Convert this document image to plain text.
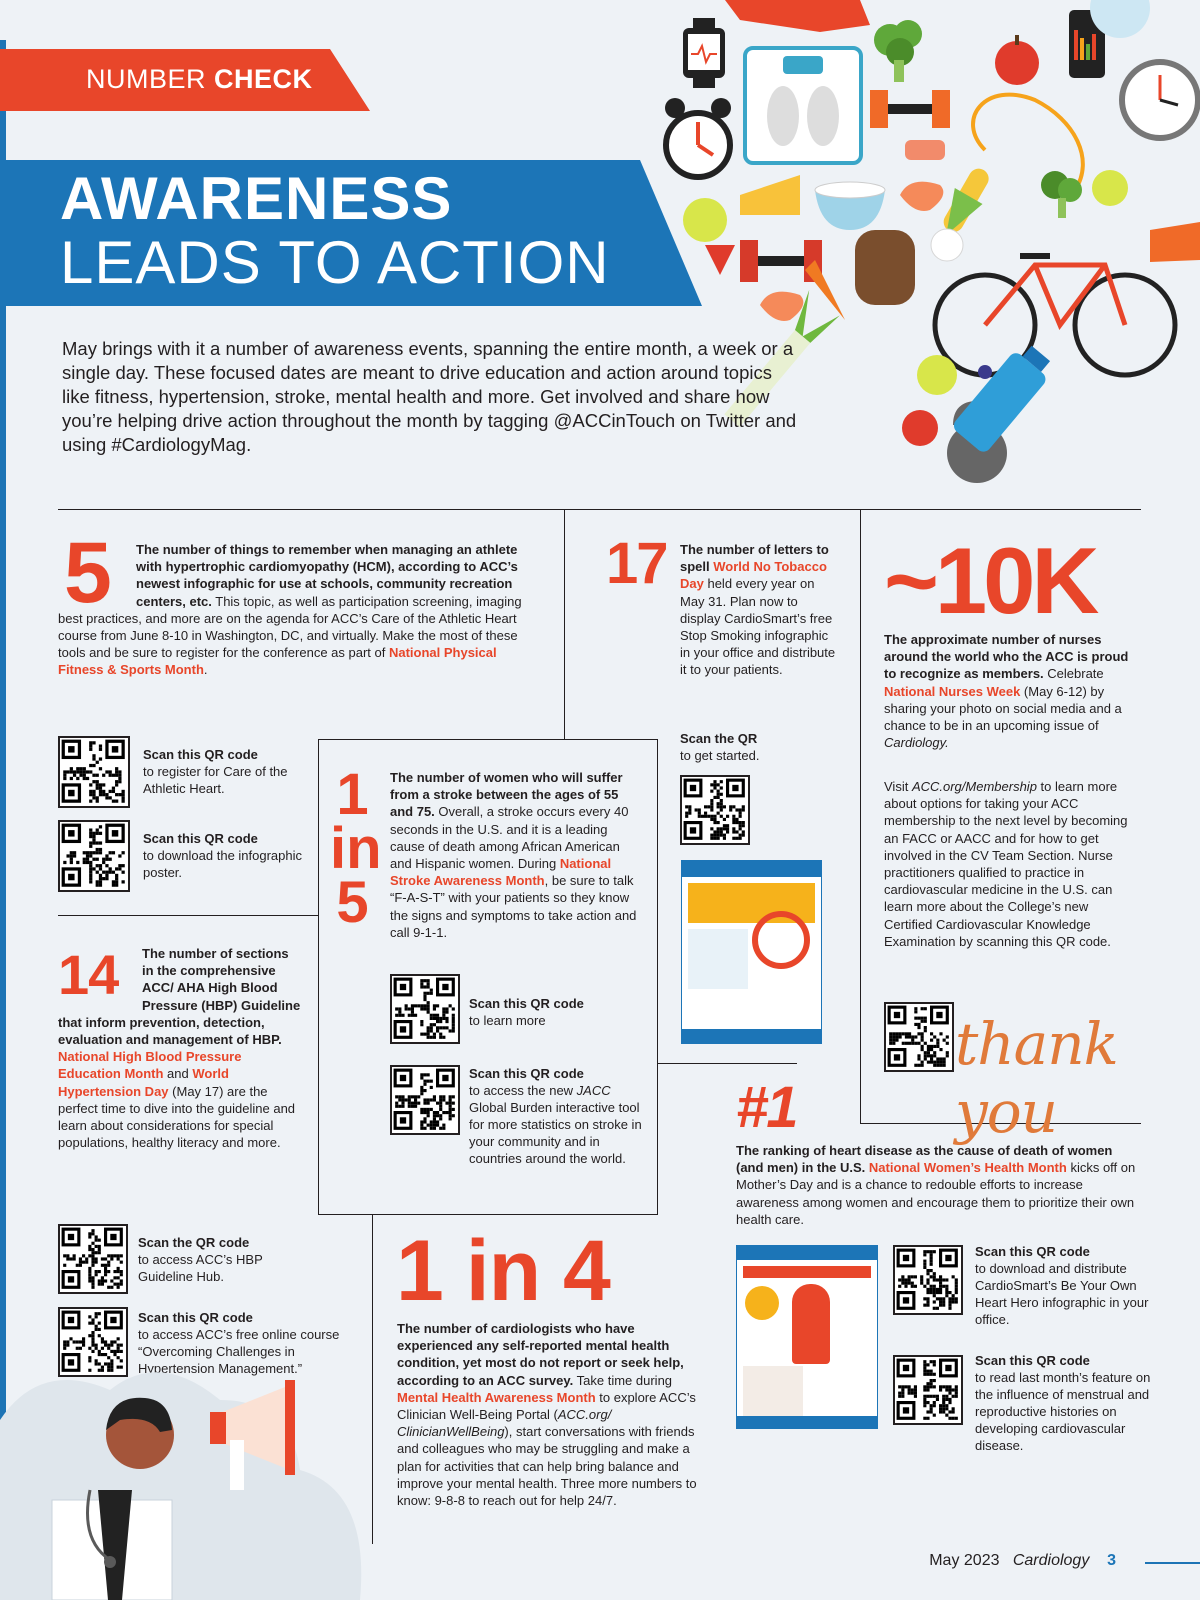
NUMBER CHECK
AWARENESS
LEADS TO ACTION
May brings with it a number of awareness events, spanning the entire month, a week or a single day. These focused dates are meant to drive education and action around topics like fitness, hypertension, stroke, mental health and more. Get involved and share how you’re helping drive action throughout the month by tagging @ACCinTouch on Twitter and using #CardiologyMag.
5	The number of things to remember when managing an athlete with hypertrophic cardiomyopathy (HCM), according to ACC’s newest infographic for use at schools, community recreation centers, etc. This topic, as well as participation screening, imaging best practices, and more are on the agenda for ACC’s Care of the Athletic Heart course from June 8-10 in Washington, DC, and virtually. Make the most of these tools and be sure to register for the conference as part of National Physical Fitness & Sports Month.
Scan this QR code
to register for Care of the Athletic Heart.
Scan this QR code
to download the infographic poster.
17 The number of letters to spell World No Tobacco Day held every year on May 31. Plan now to display CardioSmart’s free Stop Smoking infographic in your office and distribute it to your patients.
Scan the QR
to get started.
~10K
The approximate number of nurses around the world who the ACC is proud to recognize as members. Celebrate National Nurses Week (May 6-12) by sharing your photo on social media and a chance to be in an upcoming issue of Cardiology.
Visit ACC.org/Membership to learn more about options for taking your ACC membership to the next level by becoming an FACC or AACC and for how to get involved in the CV Team Section. Nurse practitioners qualified to practice in cardiovascular medicine in the U.S. can learn more about the College’s new Certified Cardiovascular Knowledge Examination by scanning this QR code.
thank you
1
in
5
The number of women who will suffer from a stroke between the ages of 55 and 75. Overall, a stroke occurs every 40 seconds in the U.S. and it is a leading cause of death among African American and Hispanic women. During National Stroke Awareness Month, be sure to talk “F-A-S-T” with your patients so they know the signs and symptoms to take action and call 9-1-1.
Scan this QR code
to learn more
Scan this QR code
to access the new JACC Global Burden interactive tool for more statistics on stroke in your community and in countries around the world.
14	The number of sections in the comprehensive ACC/ AHA High Blood Pressure (HBP) Guideline that inform prevention, detection, evaluation and management of HBP. National High Blood Pressure Education Month and World Hypertension Day (May 17) are the perfect time to dive into the guideline and learn about considerations for special populations, healthy literacy and more.
Scan the QR code
to access ACC’s HBP Guideline Hub.
Scan this QR code
to access ACC’s free online course “Overcoming Challenges in Hypertension Management.”
#1
The ranking of heart disease as the cause of death of women (and men) in the U.S. National Women’s Health Month kicks off on Mother’s Day and is a chance to redouble efforts to increase awareness among women and encourage them to prioritize their own health care.
Scan this QR code
to download and distribute CardioSmart’s Be Your Own Heart Hero infographic in your office.
Scan this QR code
to read last month’s feature on the influence of menstrual and reproductive histories on developing cardiovascular disease.
1 in 4
The number of cardiologists who have experienced any self-reported mental health condition, yet most do not report or seek help, according to an ACC survey. Take time during Mental Health Awareness Month to explore ACC’s Clinician Well-Being Portal (ACC.org/ ClinicianWellBeing), start conversations with friends and colleagues who may be struggling and make a plan for activities that can help bring balance and improve your mental health. Three more numbers to know: 9-8-8 to reach out for help 24/7.
May 2023 Cardiology 3
